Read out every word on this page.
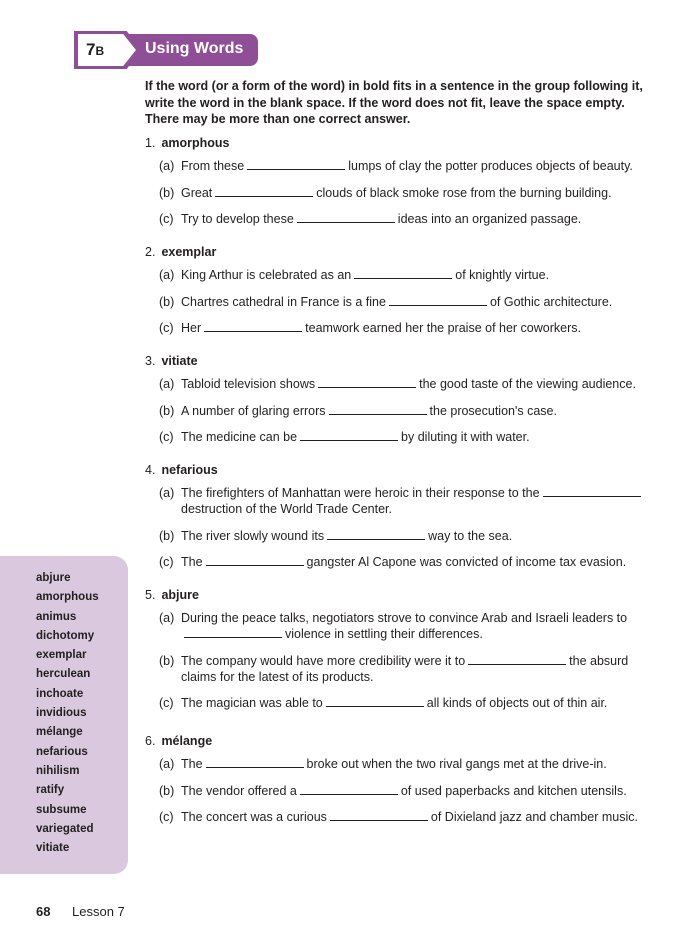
7B	Using Words
If the word (or a form of the word) in bold fits in a sentence in the group following it, write the word in the blank space. If the word does not fit, leave the space empty. There may be more than one correct answer.
1. amorphous
(a) From these	lumps of clay the potter produces objects of beauty.
(b) Great	clouds of black smoke rose from the burning building.
(c) Try to develop these	ideas into an organized passage.
2. exemplar
(a) King Arthur is celebrated as an	of knightly virtue.
(b) Chartres cathedral in France is a fine	of Gothic architecture.
(c) Her	teamwork earned her the praise of her coworkers.
3. vitiate
(a) Tabloid television shows	the good taste of the viewing audience.
(b) A number of glaring errors	the prosecution's case.
(c) The medicine can be	by diluting it with water.
4. nefarious
(a) The firefighters of Manhattan were heroic in their response to thedestruction of the World Trade Center.
(b) The river slowly wound its	way to the sea.
(c) The	gangster Al Capone was convicted of income tax evasion.
5. abjure
(a) During the peace talks, negotiators strove to convince Arab and Israeli leaders to violence in settling their differences.
(b) The company would have more credibility were it to	the absurd claims for the latest of its products.
(c) The magician was able to	all kinds of objects out of thin air.
6. mélange
(a) The	broke out when the two rival gangs met at the drive-in.
(b) The vendor offered a	of used paperbacks and kitchen utensils.
(c) The concert was a curious	of Dixieland jazz and chamber music.
abjure
amorphous
animus
dichotomy
exemplar
herculean
inchoate
invidious
mélange
nefarious
nihilism
ratify
subsume
variegated
vitiate
68 Lesson 7
